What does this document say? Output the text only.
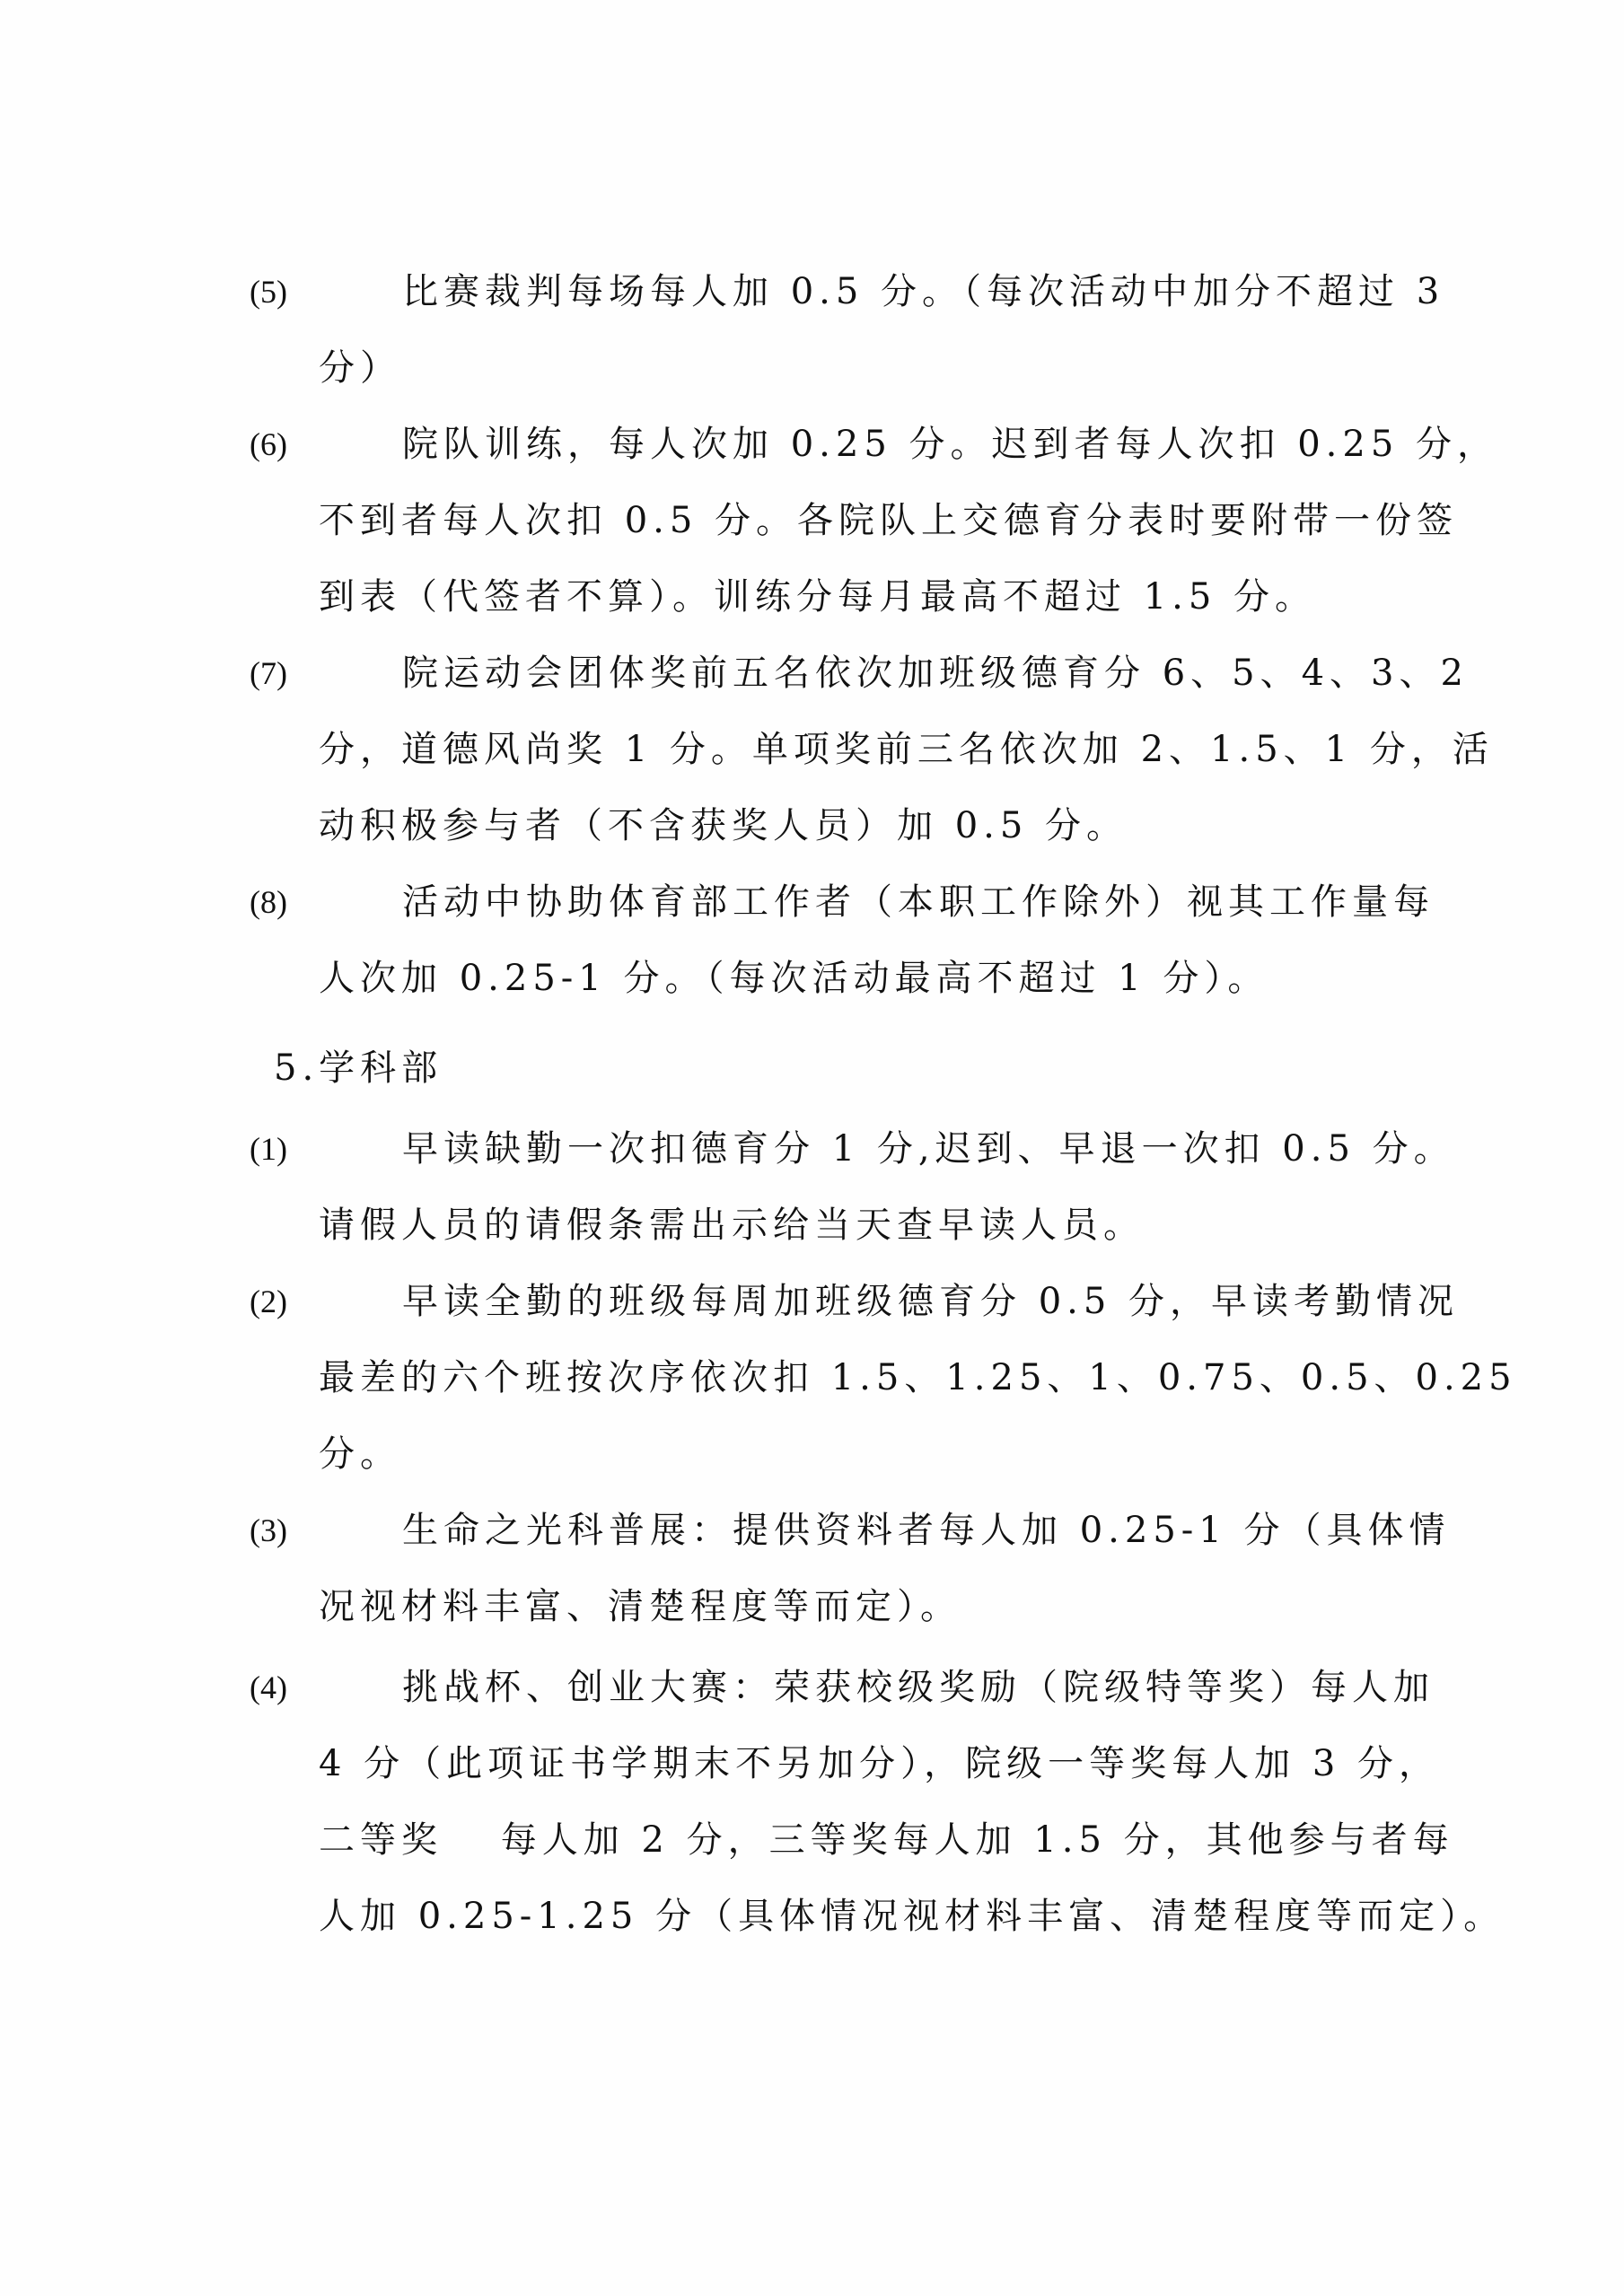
(5)	比赛裁判每场每人加 0.5 分。（每次活动中加分不超过 3
分）
(6)	院队训练，每人次加 0.25 分。迟到者每人次扣 0.25 分，
不到者每人次扣 0.5 分。各院队上交德育分表时要附带一份签
到表（代签者不算）。训练分每月最高不超过 1.5 分。
(7)	院运动会团体奖前五名依次加班级德育分 6、5、4、3、2
分，道德风尚奖 1 分。单项奖前三名依次加 2、1.5、1 分，活
动积极参与者（不含获奖人员）加 0.5 分。
(8)	活动中协助体育部工作者（本职工作除外）视其工作量每
人次加 0.25-1 分。（每次活动最高不超过 1 分）。
5.学科部
(1)	早读缺勤一次扣德育分 1 分,迟到、早退一次扣 0.5 分。
请假人员的请假条需出示给当天查早读人员。
(2)	早读全勤的班级每周加班级德育分 0.5 分，早读考勤情况
最差的六个班按次序依次扣 1.5、1.25、1、0.75、0.5、0.25
分。
(3)	生命之光科普展：提供资料者每人加 0.25-1 分（具体情
况视材料丰富、清楚程度等而定）。
(4)	挑战杯、创业大赛：荣获校级奖励（院级特等奖）每人加
4 分（此项证书学期末不另加分），院级一等奖每人加 3 分，
二等奖　 每人加 2 分，三等奖每人加 1.5 分，其他参与者每
人加 0.25-1.25 分（具体情况视材料丰富、清楚程度等而定）。
